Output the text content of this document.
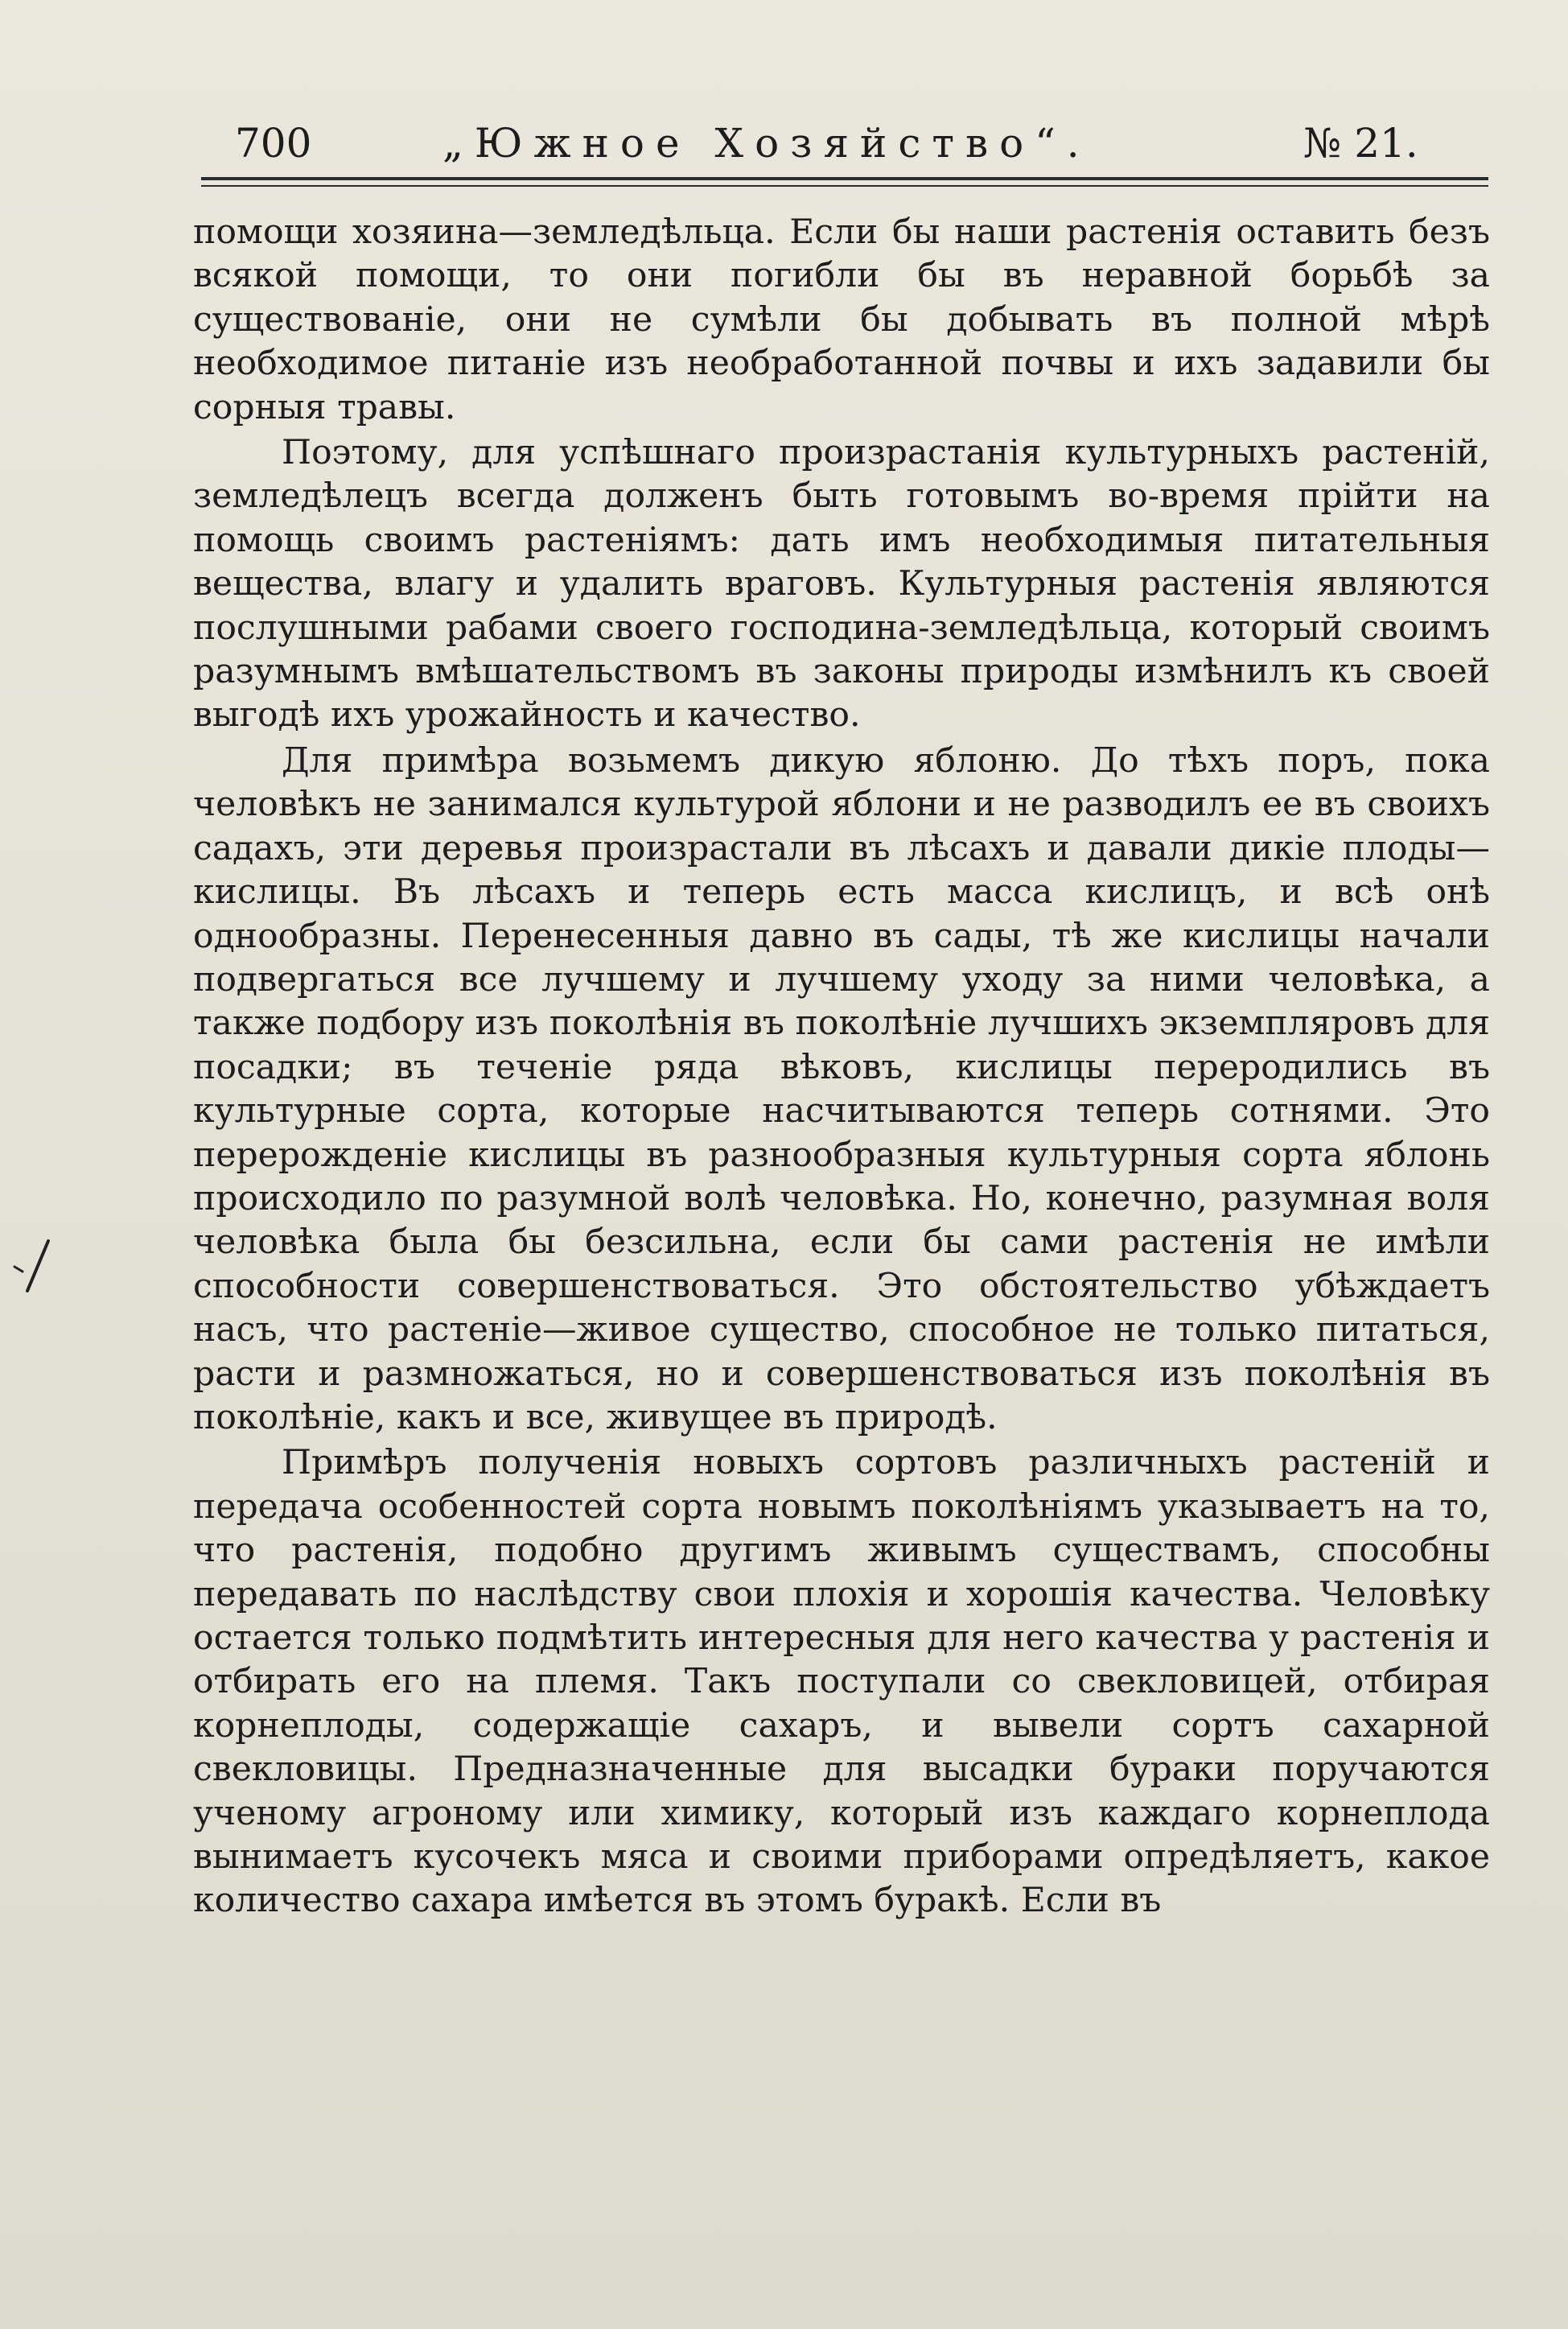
700	„Южное Хозяйство“.	№ 21.

помощи хозяина—земледѣльца. Если бы наши растенія оставить безъ всякой помощи, то они погибли бы въ неравной борьбѣ за существованіе, они не сумѣли бы добывать въ полной мѣрѣ необходимое питаніе изъ необработанной почвы и ихъ задавили бы сорныя травы.

Поэтому, для успѣшнаго произрастанія культурныхъ растеній, земледѣлецъ всегда долженъ быть готовымъ во-время прійти на помощь своимъ растеніямъ: дать имъ необходимыя питательныя вещества, влагу и удалить враговъ. Культурныя растенія являются послушными рабами своего господина-земледѣльца, который своимъ разумнымъ вмѣшательствомъ въ законы природы измѣнилъ къ своей выгодѣ ихъ урожайность и качество.

Для примѣра возьмемъ дикую яблоню. До тѣхъ поръ, пока человѣкъ не занимался культурой яблони и не разводилъ ее въ своихъ садахъ, эти деревья произрастали въ лѣсахъ и давали дикіе плоды—кислицы. Въ лѣсахъ и теперь есть масса кислицъ, и всѣ онѣ однообразны. Перенесенныя давно въ сады, тѣ же кислицы начали подвергаться все лучшему и лучшему уходу за ними человѣка, а также подбору изъ поколѣнія въ поколѣніе лучшихъ экземпляровъ для посадки; въ теченіе ряда вѣковъ, кислицы переродились въ культурные сорта, которые насчитываются теперь сотнями. Это перерожденіе кислицы въ разнообразныя культурныя сорта яблонь происходило по разумной волѣ человѣка. Но, конечно, разумная воля человѣка была бы безсильна, если бы сами растенія не имѣли способности совершенствоваться. Это обстоятельство убѣждаетъ насъ, что растеніе—живое существо, способное не только питаться, расти и размножаться, но и совершенствоваться изъ поколѣнія въ поколѣніе, какъ и все, живущее въ природѣ.

Примѣръ полученія новыхъ сортовъ различныхъ растеній и передача особенностей сорта новымъ поколѣніямъ указываетъ на то, что растенія, подобно другимъ живымъ существамъ, способны передавать по наслѣдству свои плохія и хорошія качества. Человѣку остается только подмѣтить интересныя для него качества у растенія и отбирать его на племя. Такъ поступали со свекловицей, отбирая корнеплоды, содержащіе сахаръ, и вывели сортъ сахарной свекловицы. Предназначенные для высадки бураки поручаются ученому агроному или химику, который изъ каждаго корнеплода вынимаетъ кусочекъ мяса и своими приборами опредѣляетъ, какое количество сахара имѣется въ этомъ буракѣ. Если въ
